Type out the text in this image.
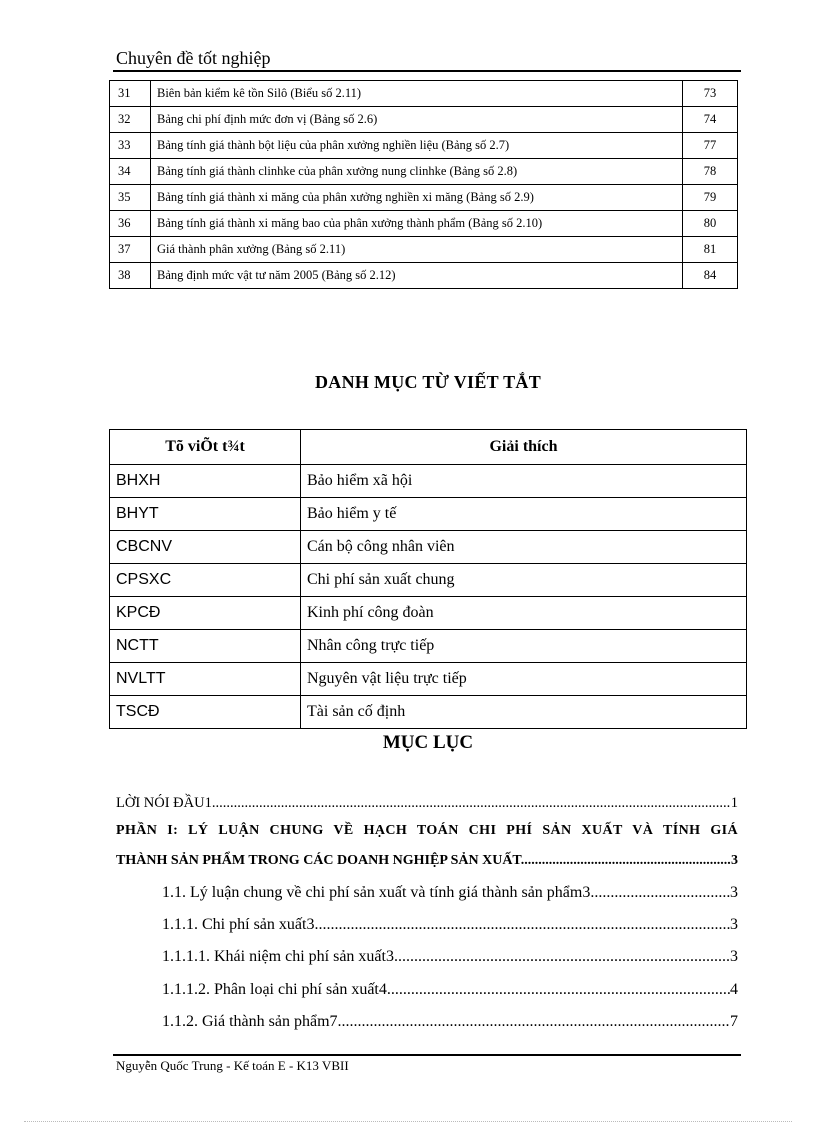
Chuyên đề tốt nghiệp
31	Biên bản kiểm kê tồn Silô (Biểu số 2.11)	73
32	Bảng chi phí định mức đơn vị (Bảng số 2.6)	74
33	Bảng tính giá thành bột liệu của phân xưởng nghiền liệu (Bảng số 2.7)	77
34	Bảng tính giá thành clinhke của phân xưởng nung clinhke (Bảng số 2.8)	78
35	Bảng tính giá thành xi măng của phân xưởng nghiền xi măng (Bảng số 2.9)	79
36	Bảng tính giá thành xi măng bao của phân xưởng thành phẩm (Bảng số 2.10)	80
37	Giá thành phân xưởng (Bảng số 2.11)	81
38	Bảng định mức vật tư năm 2005 (Bảng số 2.12)	84
DANH MỤC TỪ VIẾT TẮT
Tõ viÕt t¾t	Giải thích
BHXH	Bảo hiểm xã hội
BHYT	Bảo hiểm y tế
CBCNV	Cán bộ công nhân viên
CPSXC	Chi phí sản xuất chung
KPCĐ	Kinh phí công đoàn
NCTT	Nhân công trực tiếp
NVLTT	Nguyên vật liệu trực tiếp
TSCĐ	Tài sản cố định
MỤC LỤC
LỜI NÓI ĐẦU1 .....	1
PHẦN I: LÝ LUẬN CHUNG VỀ HẠCH TOÁN CHI PHÍ SẢN XUẤT VÀ TÍNH GIÁ
THÀNH SẢN PHẨM TRONG CÁC DOANH NGHIỆP SẢN XUẤT. .....	3
1.1. Lý luận chung về chi phí sản xuất và tính giá thành sản phẩm3 .....	3
1.1.1. Chi phí sản xuất3 .....	3
1.1.1.1. Khái niệm chi phí sản xuất3 .....	3
1.1.1.2. Phân loại chi phí sản xuất4 .....	4
1.1.2. Giá thành sản phẩm7 .....	7
Nguyễn Quốc Trung - Kế toán E - K13 VBII
